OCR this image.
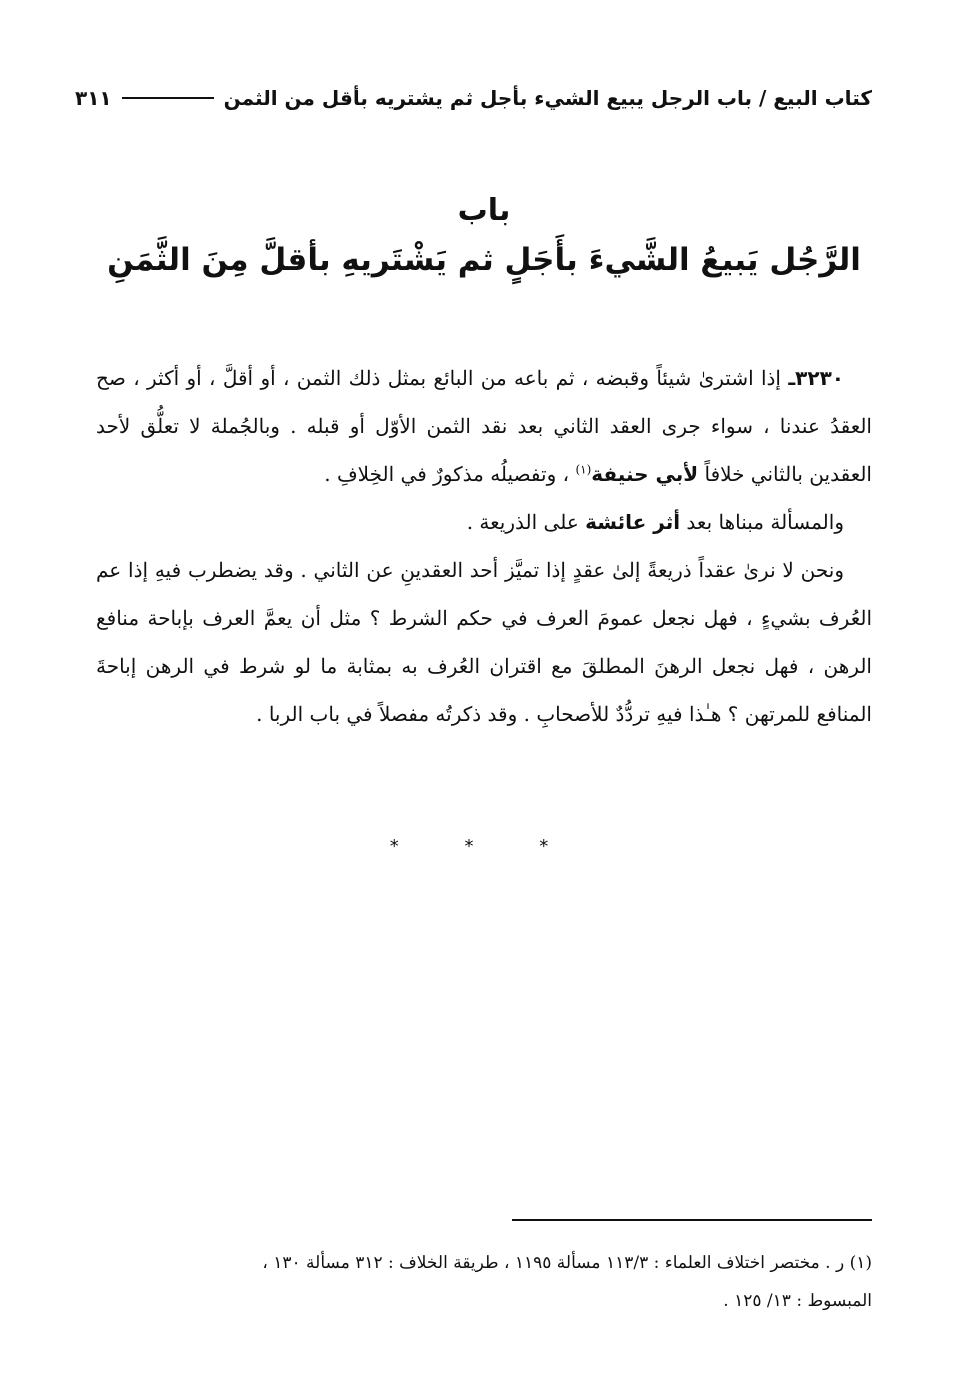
كتاب البيع / باب الرجل يبيع الشيء بأجل ثم يشتريه بأقل من الثمن
٣١١
باب
الرَّجُل يَبيعُ الشَّيءَ بأَجَلٍ ثم يَشْتَريهِ بأقلَّ مِنَ الثَّمَنِ

٣٢٣٠ـ إذا اشترىٰ شيئاً وقبضه ، ثم باعه من البائع بمثل ذلك الثمن ، أو أقلَّ ، أو أكثر ، صح العقدُ عندنا ، سواء جرى العقد الثاني بعد نقد الثمن الأوّل أو قبله . وبالجُملة لا تعلُّق لأحد العقدين بالثاني خلافاً لأبي حنيفة$^{(١)}$ ، وتفصيلُه مذكورٌ في الخِلافِ .

والمسألة مبناها بعد أثر عائشة على الذريعة .

ونحن لا نرىٰ عقداً ذريعةً إلىٰ عقدٍ إذا تميَّز أحد العقدينِ عن الثاني . وقد يضطرب فيهِ إذا عم العُرف بشيءٍ ، فهل نجعل عمومَ العرف في حكم الشرط ؟ مثل أن يعمَّ العرف بإباحة منافع الرهن ، فهل نجعل الرهنَ المطلقَ مع اقتران العُرف به بمثابة ما لو شرط في الرهن إباحةَ المنافع للمرتهن ؟ هـٰذا فيهِ تردُّدٌ للأصحابِ . وقد ذكرتُه مفصلاً في باب الربا .

* * *

(١) ر . مختصر اختلاف العلماء : ١١٣/٣ مسألة ١١٩٥ ، طريقة الخلاف : ٣١٢ مسألة ١٣٠ ،

المبسوط : ١٣/ ١٢٥ .
